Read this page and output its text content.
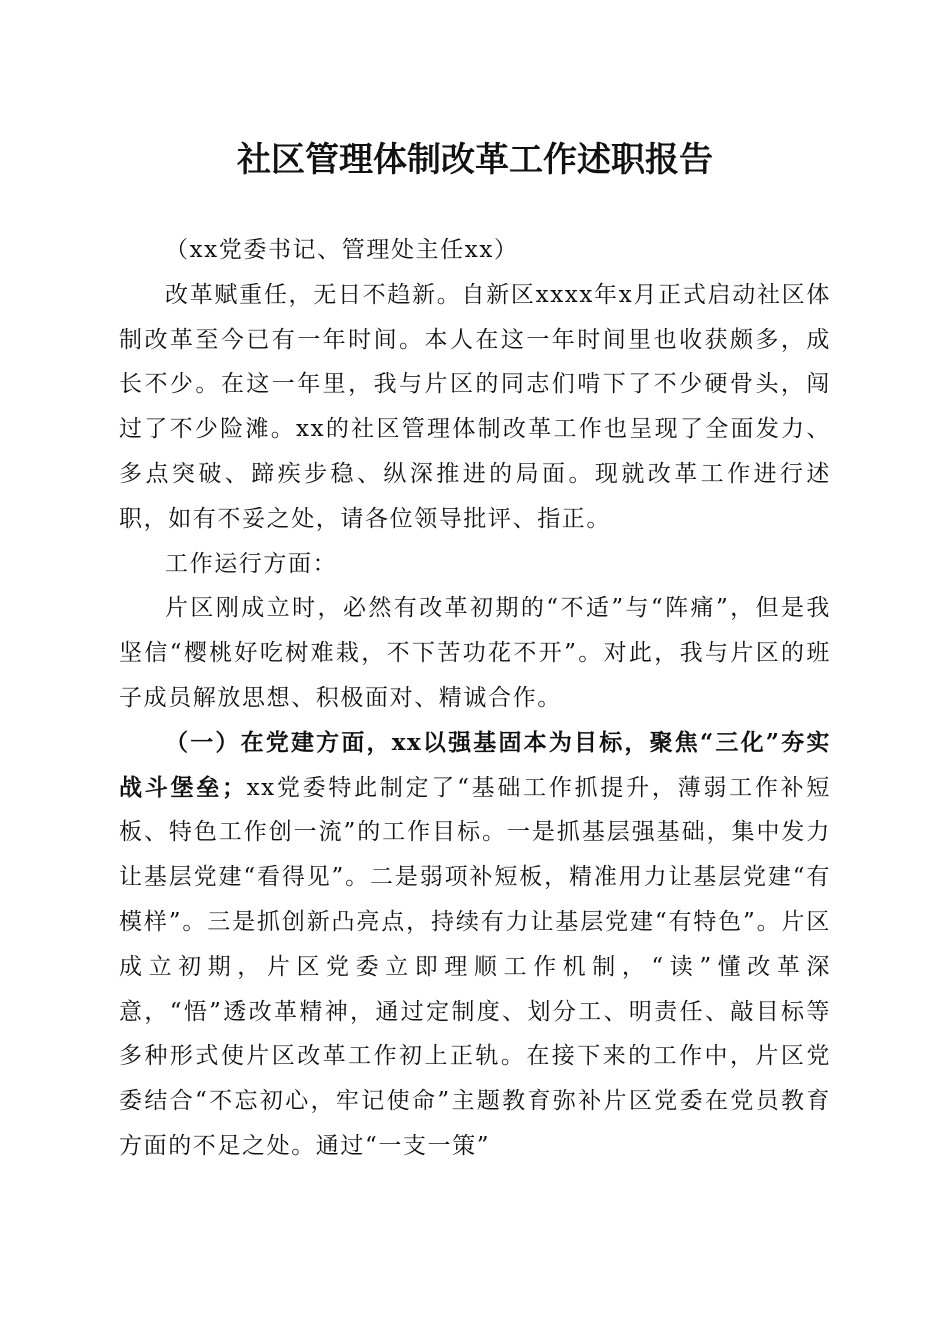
社区管理体制改革工作述职报告

（xx党委书记、管理处主任xx）

改革赋重任，无日不趋新。自新区xxxx年x月正式启动社区体制改革至今已有一年时间。本人在这一年时间里也收获颇多，成长不少。在这一年里，我与片区的同志们啃下了不少硬骨头，闯过了不少险滩。xx的社区管理体制改革工作也呈现了全面发力、多点突破、蹄疾步稳、纵深推进的局面。现就改革工作进行述职，如有不妥之处，请各位领导批评、指正。

工作运行方面：

片区刚成立时，必然有改革初期的“不适”与“阵痛”，但是我坚信“樱桃好吃树难栽，不下苦功花不开”。对此，我与片区的班子成员解放思想、积极面对、精诚合作。

（一）在党建方面，xx以强基固本为目标，聚焦“三化”夯实战斗堡垒；xx党委特此制定了“基础工作抓提升，薄弱工作补短板、特色工作创一流”的工作目标。一是抓基层强基础，集中发力让基层党建“看得见”。二是弱项补短板，精准用力让基层党建“有模样”。三是抓创新凸亮点，持续有力让基层党建“有特色”。片区成立初期，片区党委立即理顺工作机制，“读”懂改革深意，“悟”透改革精神，通过定制度、划分工、明责任、敲目标等多种形式使片区改革工作初上正轨。在接下来的工作中，片区党委结合“不忘初心，牢记使命”主题教育弥补片区党委在党员教育方面的不足之处。通过“一支一策”
